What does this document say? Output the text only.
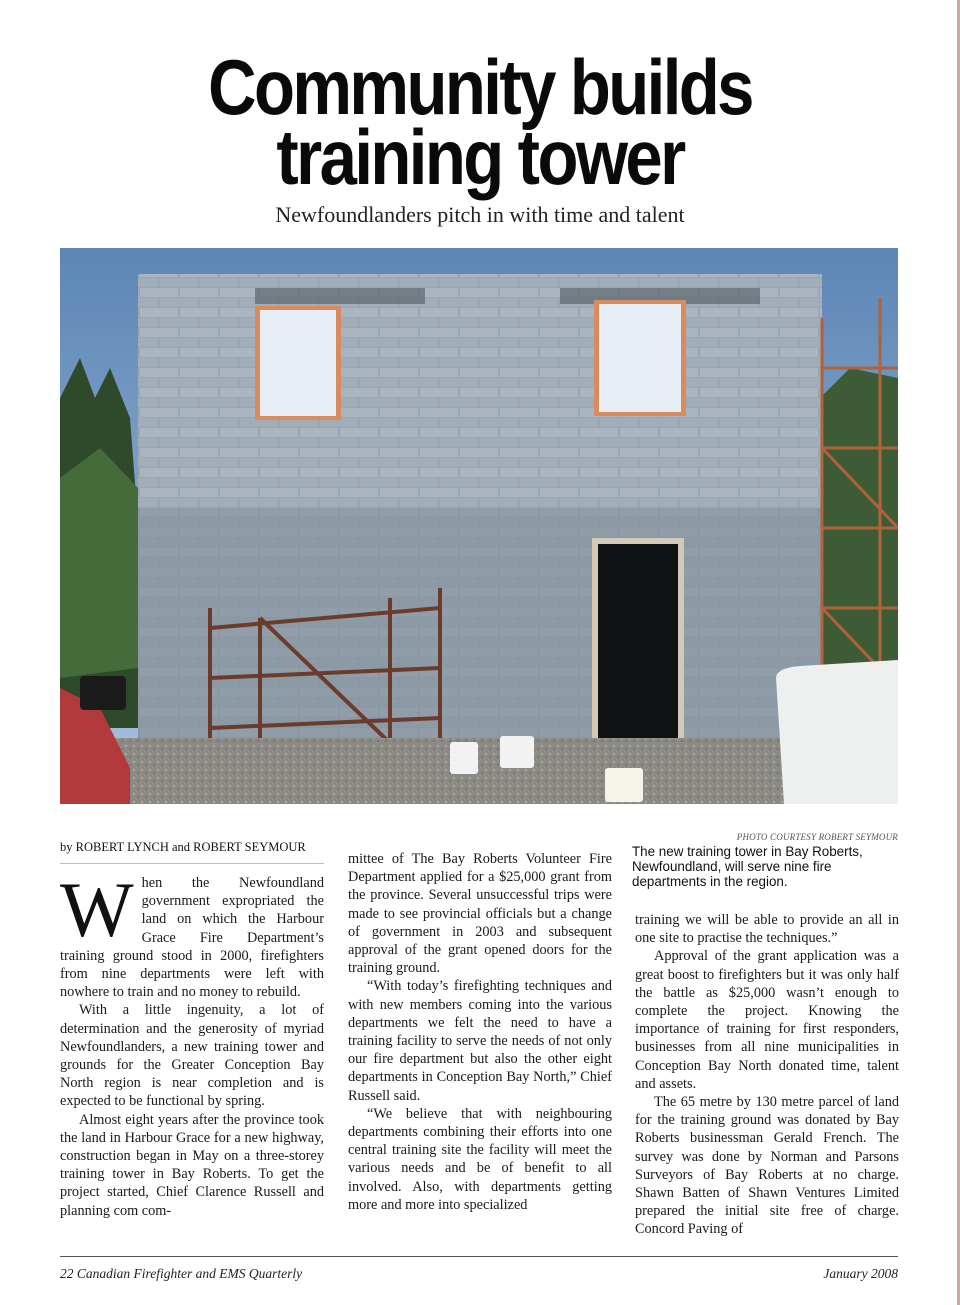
Community builds
training tower
Newfoundlanders pitch in with time and talent
PHOTO COURTESY ROBERT SEYMOUR
The new training tower in Bay Roberts, Newfoundland, will serve nine fire departments in the region.
by ROBERT LYNCH and ROBERT SEYMOUR

When the Newfoundland government expropriated the land on which the Harbour Grace Fire Department’s training ground stood in 2000, firefighters from nine departments were left with nowhere to train and no money to rebuild.

With a little ingenuity, a lot of determination and the generosity of myriad Newfoundlanders, a new training tower and grounds for the Greater Conception Bay North region is near completion and is expected to be functional by spring.

Almost eight years after the province took the land in Harbour Grace for a new highway, construction began in May on a three-storey training tower in Bay Roberts. To get the project started, Chief Clarence Russell and planning com com-

mittee of The Bay Roberts Volunteer Fire Department applied for a $25,000 grant from the province. Several unsuccessful trips were made to see provincial officials but a change of government in 2003 and subsequent approval of the grant opened doors for the training ground.

“With today’s firefighting techniques and with new members coming into the various departments we felt the need to have a training facility to serve the needs of not only our fire department but also the other eight departments in Conception Bay North,” Chief Russell said.

“We believe that with neighbouring departments combining their efforts into one central training site the facility will meet the various needs and be of benefit to all involved. Also, with departments getting more and more into specialized

training we will be able to provide an all in one site to practise the techniques.”

Approval of the grant application was a great boost to firefighters but it was only half the battle as $25,000 wasn’t enough to complete the project. Knowing the importance of training for first responders, businesses from all nine municipalities in Conception Bay North donated time, talent and assets.

The 65 metre by 130 metre parcel of land for the training ground was donated by Bay Roberts businessman Gerald French. The survey was done by Norman and Parsons Surveyors of Bay Roberts at no charge. Shawn Batten of Shawn Ventures Limited prepared the initial site free of charge. Concord Paving of

22 Canadian Firefighter and EMS Quarterly	January 2008
